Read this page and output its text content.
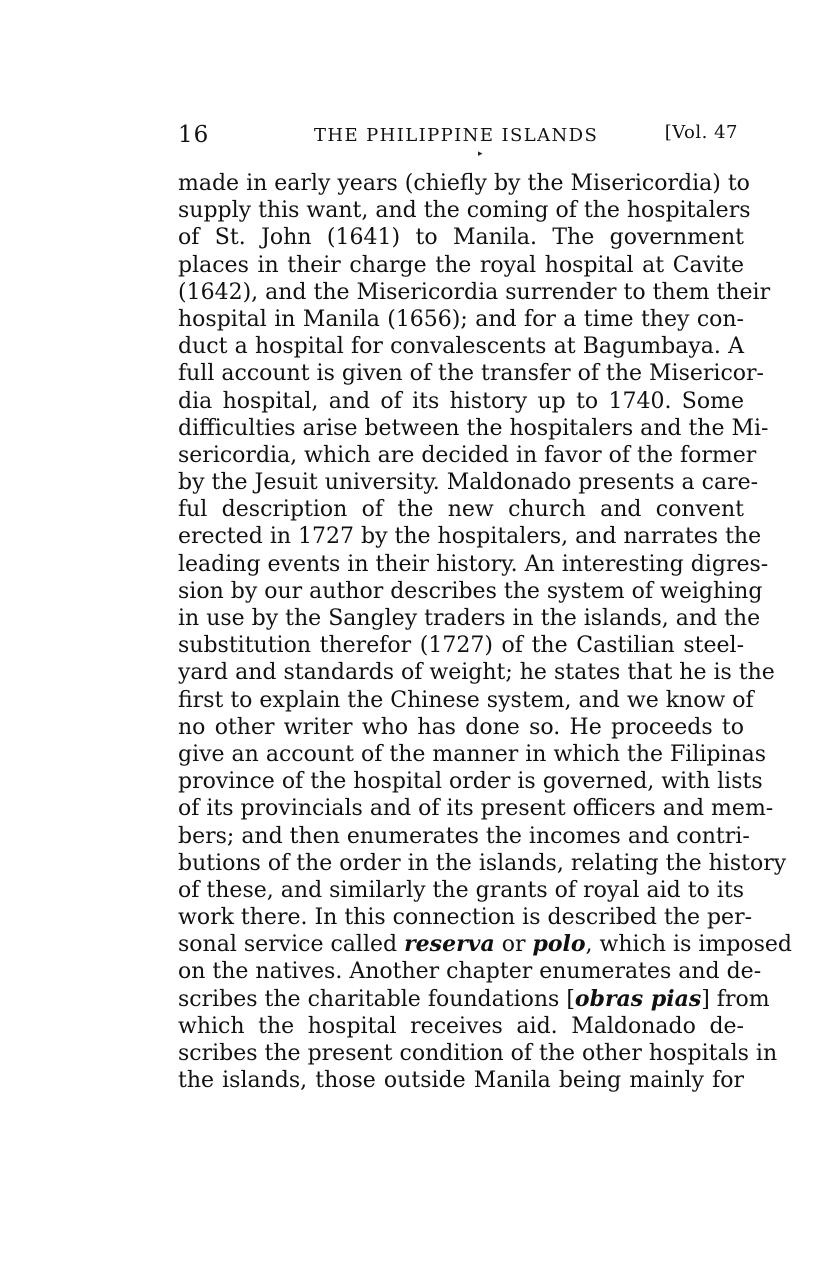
16	THE PHILIPPINE ISLANDS
▸
[Vol. 47
made in early years (chiefly by the Misericordia) to
supply this want, and the coming of the hospitalers
of St. John (1641) to Manila. The government
places in their charge the royal hospital at Cavite
(1642), and the Misericordia surrender to them their
hospital in Manila (1656); and for a time they con-
duct a hospital for convalescents at Bagumbaya. A
full account is given of the transfer of the Misericor-
dia hospital, and of its history up to 1740. Some
difficulties arise between the hospitalers and the Mi-
sericordia, which are decided in favor of the former
by the Jesuit university. Maldonado presents a care-
ful description of the new church and convent
erected in 1727 by the hospitalers, and narrates the
leading events in their history. An interesting digres-
sion by our author describes the system of weighing
in use by the Sangley traders in the islands, and the
substitution therefor (1727) of the Castilian steel-
yard and standards of weight; he states that he is the
first to explain the Chinese system, and we know of
no other writer who has done so. He proceeds to
give an account of the manner in which the Filipinas
province of the hospital order is governed, with lists
of its provincials and of its present officers and mem-
bers; and then enumerates the incomes and contri-
butions of the order in the islands, relating the history
of these, and similarly the grants of royal aid to its
work there. In this connection is described the per-
sonal service called reserva or polo, which is imposed
on the natives. Another chapter enumerates and de-
scribes the charitable foundations [obras pias] from
which the hospital receives aid. Maldonado de-
scribes the present condition of the other hospitals in
the islands, those outside Manila being mainly for
